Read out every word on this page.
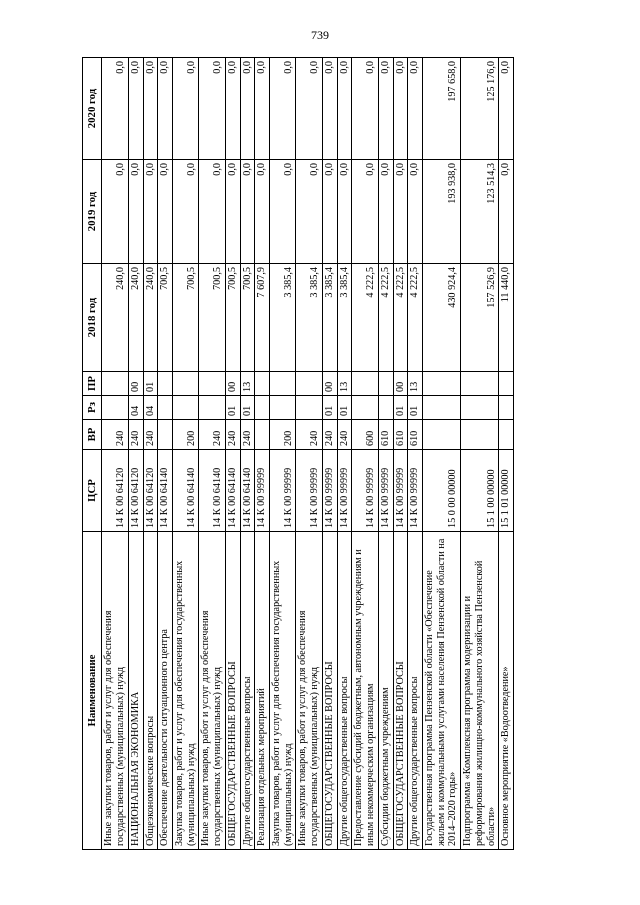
739
Наименование	ЦСР	ВР	Рз	ПР	2018 год	2019 год	2020 год
Иные закупки товаров, работ и услуг для обеспечения государственных (муниципальных) нужд	14 К 00 64120	240			240,0	0,0	0,0
НАЦИОНАЛЬНАЯ ЭКОНОМИКА	14 К 00 64120	240	04	00	240,0	0,0	0,0
Общеэкономические вопросы	14 К 00 64120	240	04	01	240,0	0,0	0,0
Обеспечение деятельности ситуационного центра	14 К 00 64140				700,5	0,0	0,0
Закупка товаров, работ и услуг для обеспечения государственных (муниципальных) нужд	14 К 00 64140	200			700,5	0,0	0,0
Иные закупки товаров, работ и услуг для обеспечения государственных (муниципальных) нужд	14 К 00 64140	240			700,5	0,0	0,0
ОБЩЕГОСУДАРСТВЕННЫЕ ВОПРОСЫ	14 К 00 64140	240	01	00	700,5	0,0	0,0
Другие общегосударственные вопросы	14 К 00 64140	240	01	13	700,5	0,0	0,0
Реализация отдельных мероприятий	14 К 00 99999				7 607,9	0,0	0,0
Закупка товаров, работ и услуг для обеспечения государственных (муниципальных) нужд	14 К 00 99999	200			3 385,4	0,0	0,0
Иные закупки товаров, работ и услуг для обеспечения государственных (муниципальных) нужд	14 К 00 99999	240			3 385,4	0,0	0,0
ОБЩЕГОСУДАРСТВЕННЫЕ ВОПРОСЫ	14 К 00 99999	240	01	00	3 385,4	0,0	0,0
Другие общегосударственные вопросы	14 К 00 99999	240	01	13	3 385,4	0,0	0,0
Предоставление субсидий бюджетным, автономным учреждениям и иным некоммерческим организациям	14 К 00 99999	600			4 222,5	0,0	0,0
Субсидии бюджетным учреждениям	14 К 00 99999	610			4 222,5	0,0	0,0
ОБЩЕГОСУДАРСТВЕННЫЕ ВОПРОСЫ	14 К 00 99999	610	01	00	4 222,5	0,0	0,0
Другие общегосударственные вопросы	14 К 00 99999	610	01	13	4 222,5	0,0	0,0
Государственная программа Пензенской области «Обеспечение жильем и коммунальными услугами населения Пензенской области на 2014–2020 годы»	15 0 00 00000				430 924,4	193 938,0	197 658,0
Подпрограмма «Комплексная программа модернизации и реформирования жилищно-коммунального хозяйства Пензенской области»	15 1 00 00000				157 526,9	123 514,3	125 176,0
Основное мероприятие «Водоотведение»	15 1 01 00000				11 440,0	0,0	0,0
